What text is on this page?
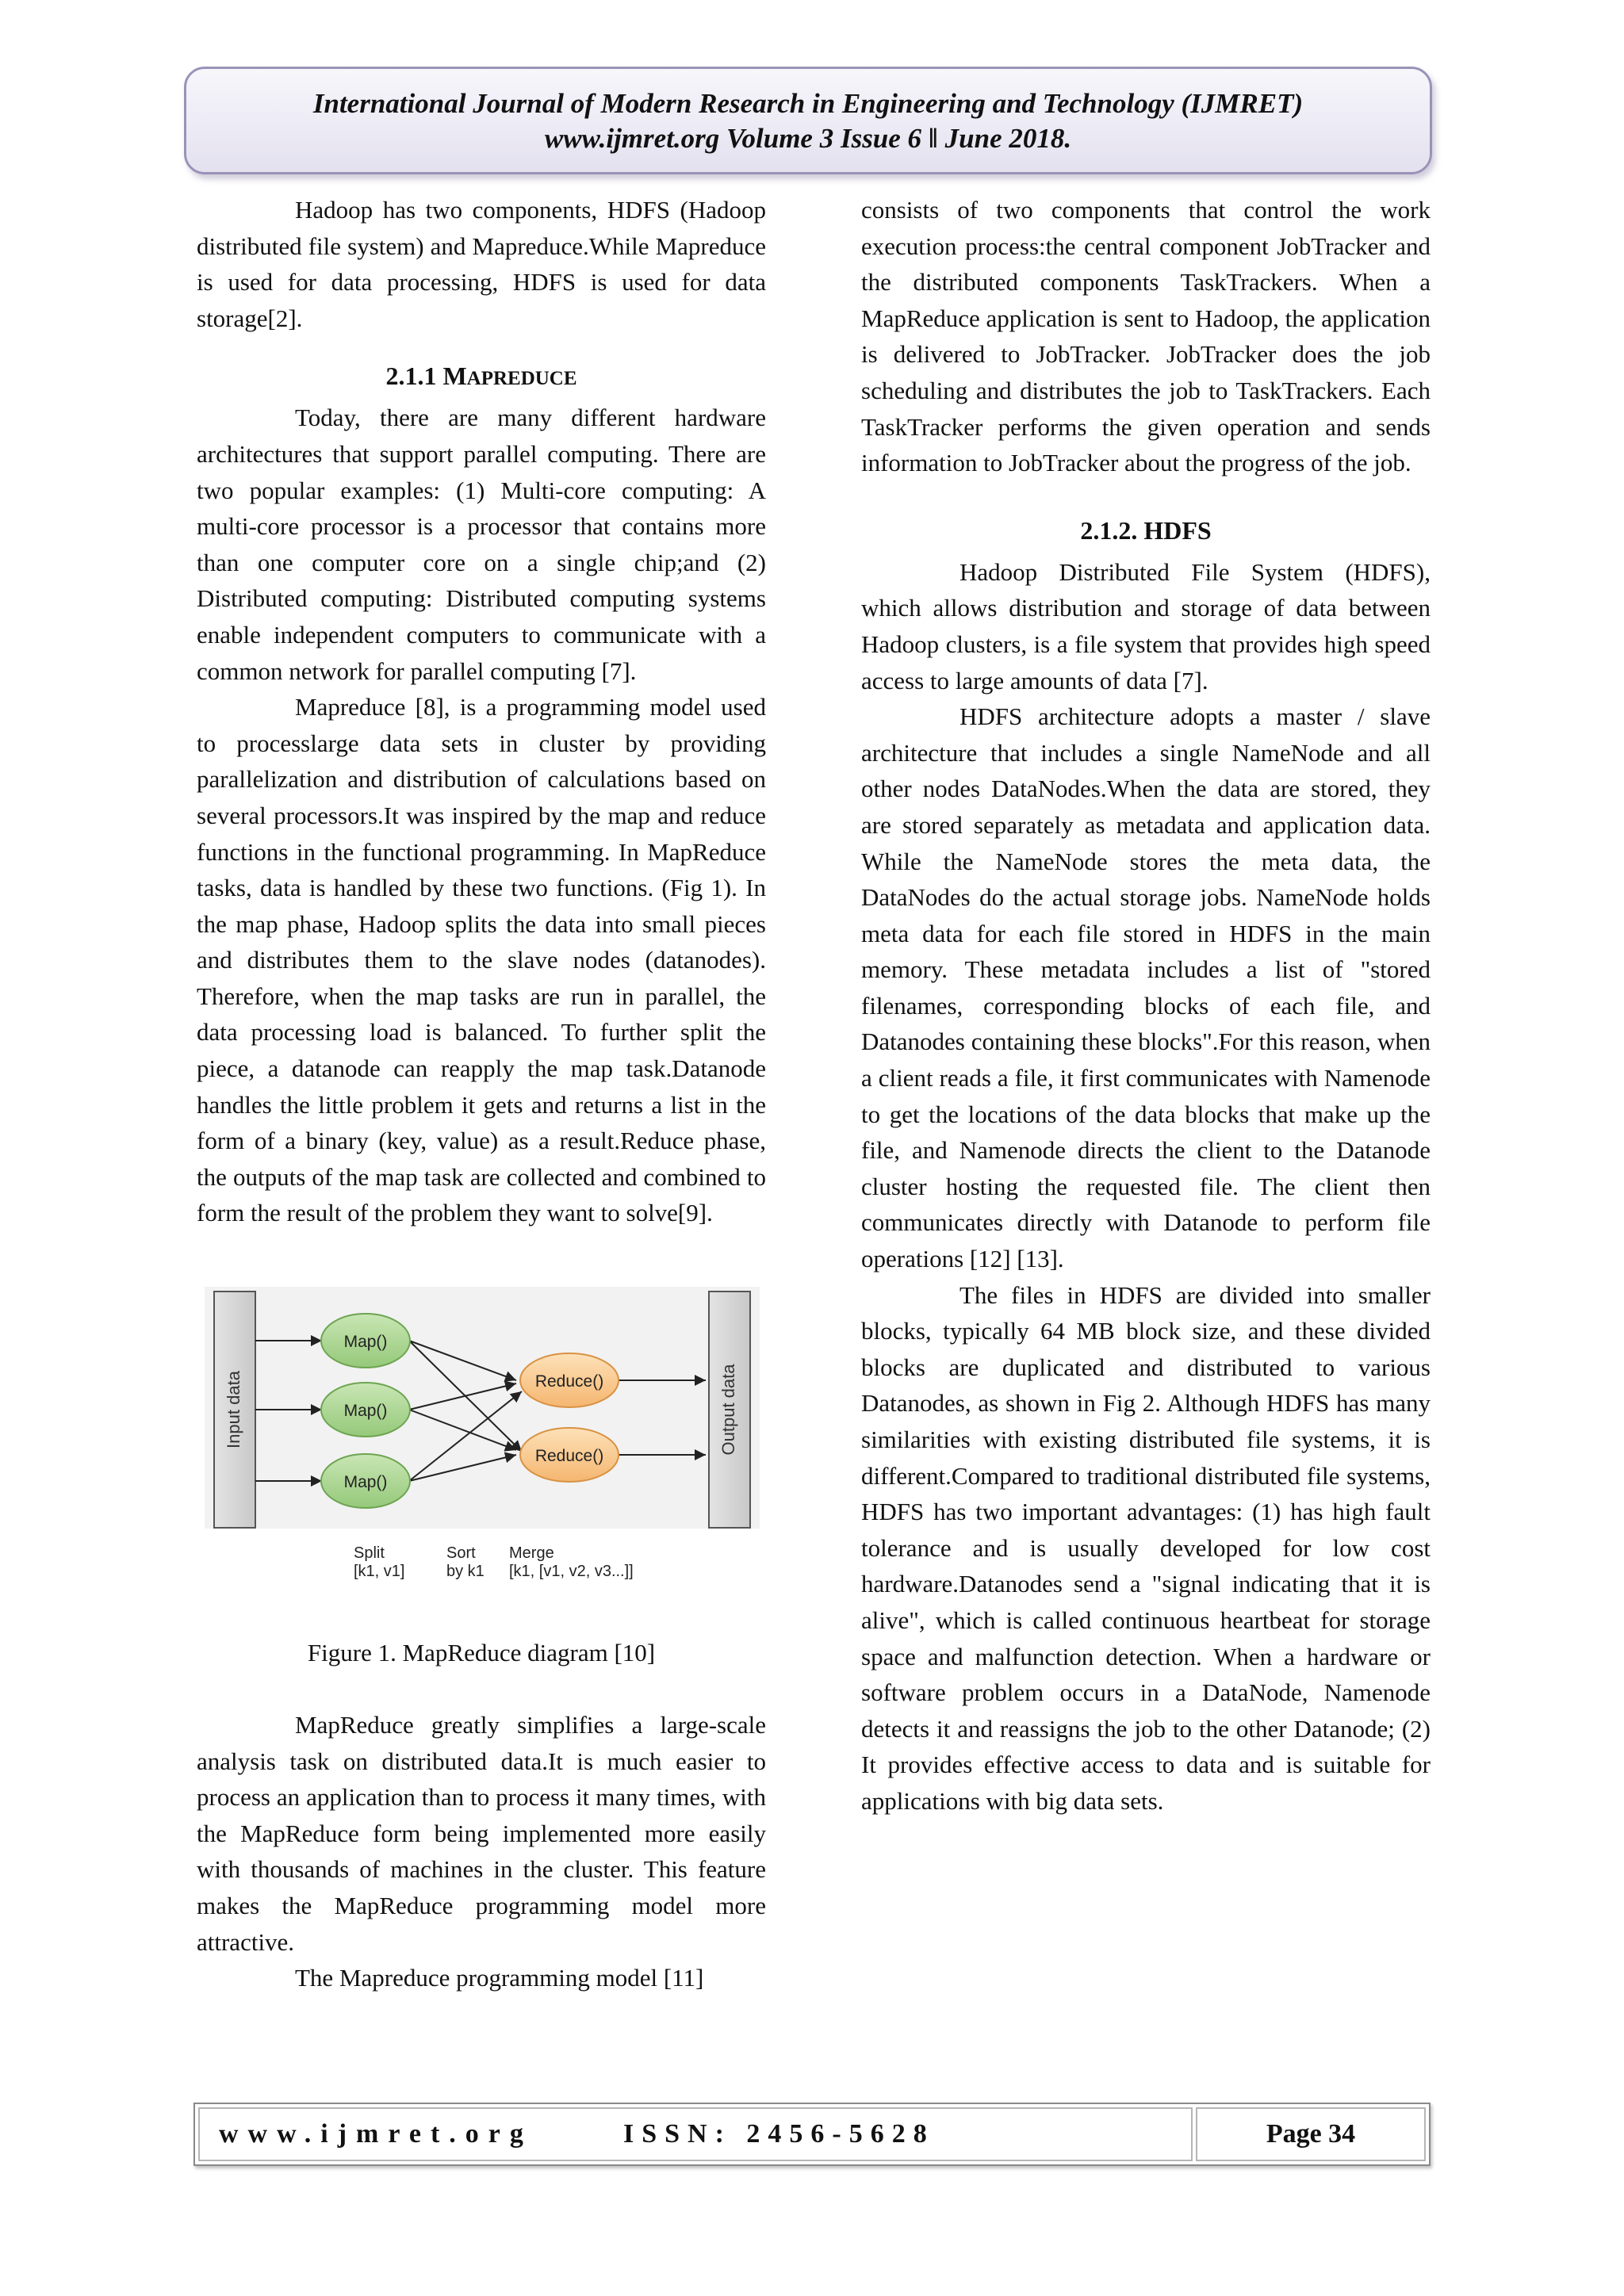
International Journal of Modern Research in Engineering and Technology (IJMRET)
www.ijmret.org Volume 3 Issue 6 ǁ June 2018.

Hadoop has two components, HDFS (Hadoop distributed file system) and Mapreduce.While Mapreduce is used for data processing, HDFS is used for data storage[2].

2.1.1 MAPREDUCE

Today, there are many different hardware architectures that support parallel computing. There are two popular examples: (1) Multi-core computing: A multi-core processor is a processor that contains more than one computer core on a single chip;and (2) Distributed computing: Distributed computing systems enable independent computers to communicate with a common network for parallel computing [7].

Mapreduce [8], is a programming model used to processlarge data sets in cluster by providing parallelization and distribution of calculations based on several processors.It was inspired by the map and reduce functions in the functional programming. In MapReduce tasks, data is handled by these two functions. (Fig 1). In the map phase, Hadoop splits the data into small pieces and distributes them to the slave nodes (datanodes). Therefore, when the map tasks are run in parallel, the data processing load is balanced. To further split the piece, a datanode can reapply the map task.Datanode handles the little problem it gets and returns a list in the form of a binary (key, value) as a result.Reduce phase, the outputs of the map task are collected and combined to form the result of the problem they want to solve[9].

Input data	Output data
Map()
Map()
Map()
Reduce()
Reduce()
Split
[k1, v1]
Sort
by k1
Merge
[k1, [v1, v2, v3...]]
Figure 1. MapReduce diagram [10]

MapReduce greatly simplifies a large-scale analysis task on distributed data.It is much easier to process an application than to process it many times, with the MapReduce form being implemented more easily with thousands of machines in the cluster. This feature makes the MapReduce programming model more attractive.

The Mapreduce programming model [11]

consists of two components that control the work execution process:the central component JobTracker and the distributed components TaskTrackers. When a MapReduce application is sent to Hadoop, the application is delivered to JobTracker. JobTracker does the job scheduling and distributes the job to TaskTrackers. Each TaskTracker performs the given operation and sends information to JobTracker about the progress of the job.

2.1.2. HDFS

Hadoop Distributed File System (HDFS), which allows distribution and storage of data between Hadoop clusters, is a file system that provides high speed access to large amounts of data [7].

HDFS architecture adopts a master / slave architecture that includes a single NameNode and all other nodes DataNodes.When the data are stored, they are stored separately as metadata and application data. While the NameNode stores the meta data, the DataNodes do the actual storage jobs. NameNode holds meta data for each file stored in HDFS in the main memory. These metadata includes a list of "stored filenames, corresponding blocks of each file, and Datanodes containing these blocks".For this reason, when a client reads a file, it first communicates with Namenode to get the locations of the data blocks that make up the file, and Namenode directs the client to the Datanode cluster hosting the requested file. The client then communicates directly with Datanode to perform file operations [12] [13].

The files in HDFS are divided into smaller blocks, typically 64 MB block size, and these divided blocks are duplicated and distributed to various Datanodes, as shown in Fig 2. Although HDFS has many similarities with existing distributed file systems, it is different.Compared to traditional distributed file systems, HDFS has two important advantages: (1) has high fault tolerance and is usually developed for low cost hardware.Datanodes send a "signal indicating that it is alive", which is called continuous heartbeat for storage space and malfunction detection. When a hardware or software problem occurs in a DataNode, Namenode detects it and reassigns the job to the other Datanode; (2) It provides effective access to data and is suitable for applications with big data sets.

www.ijmret.org	ISSN: 2456-5628	Page 34
